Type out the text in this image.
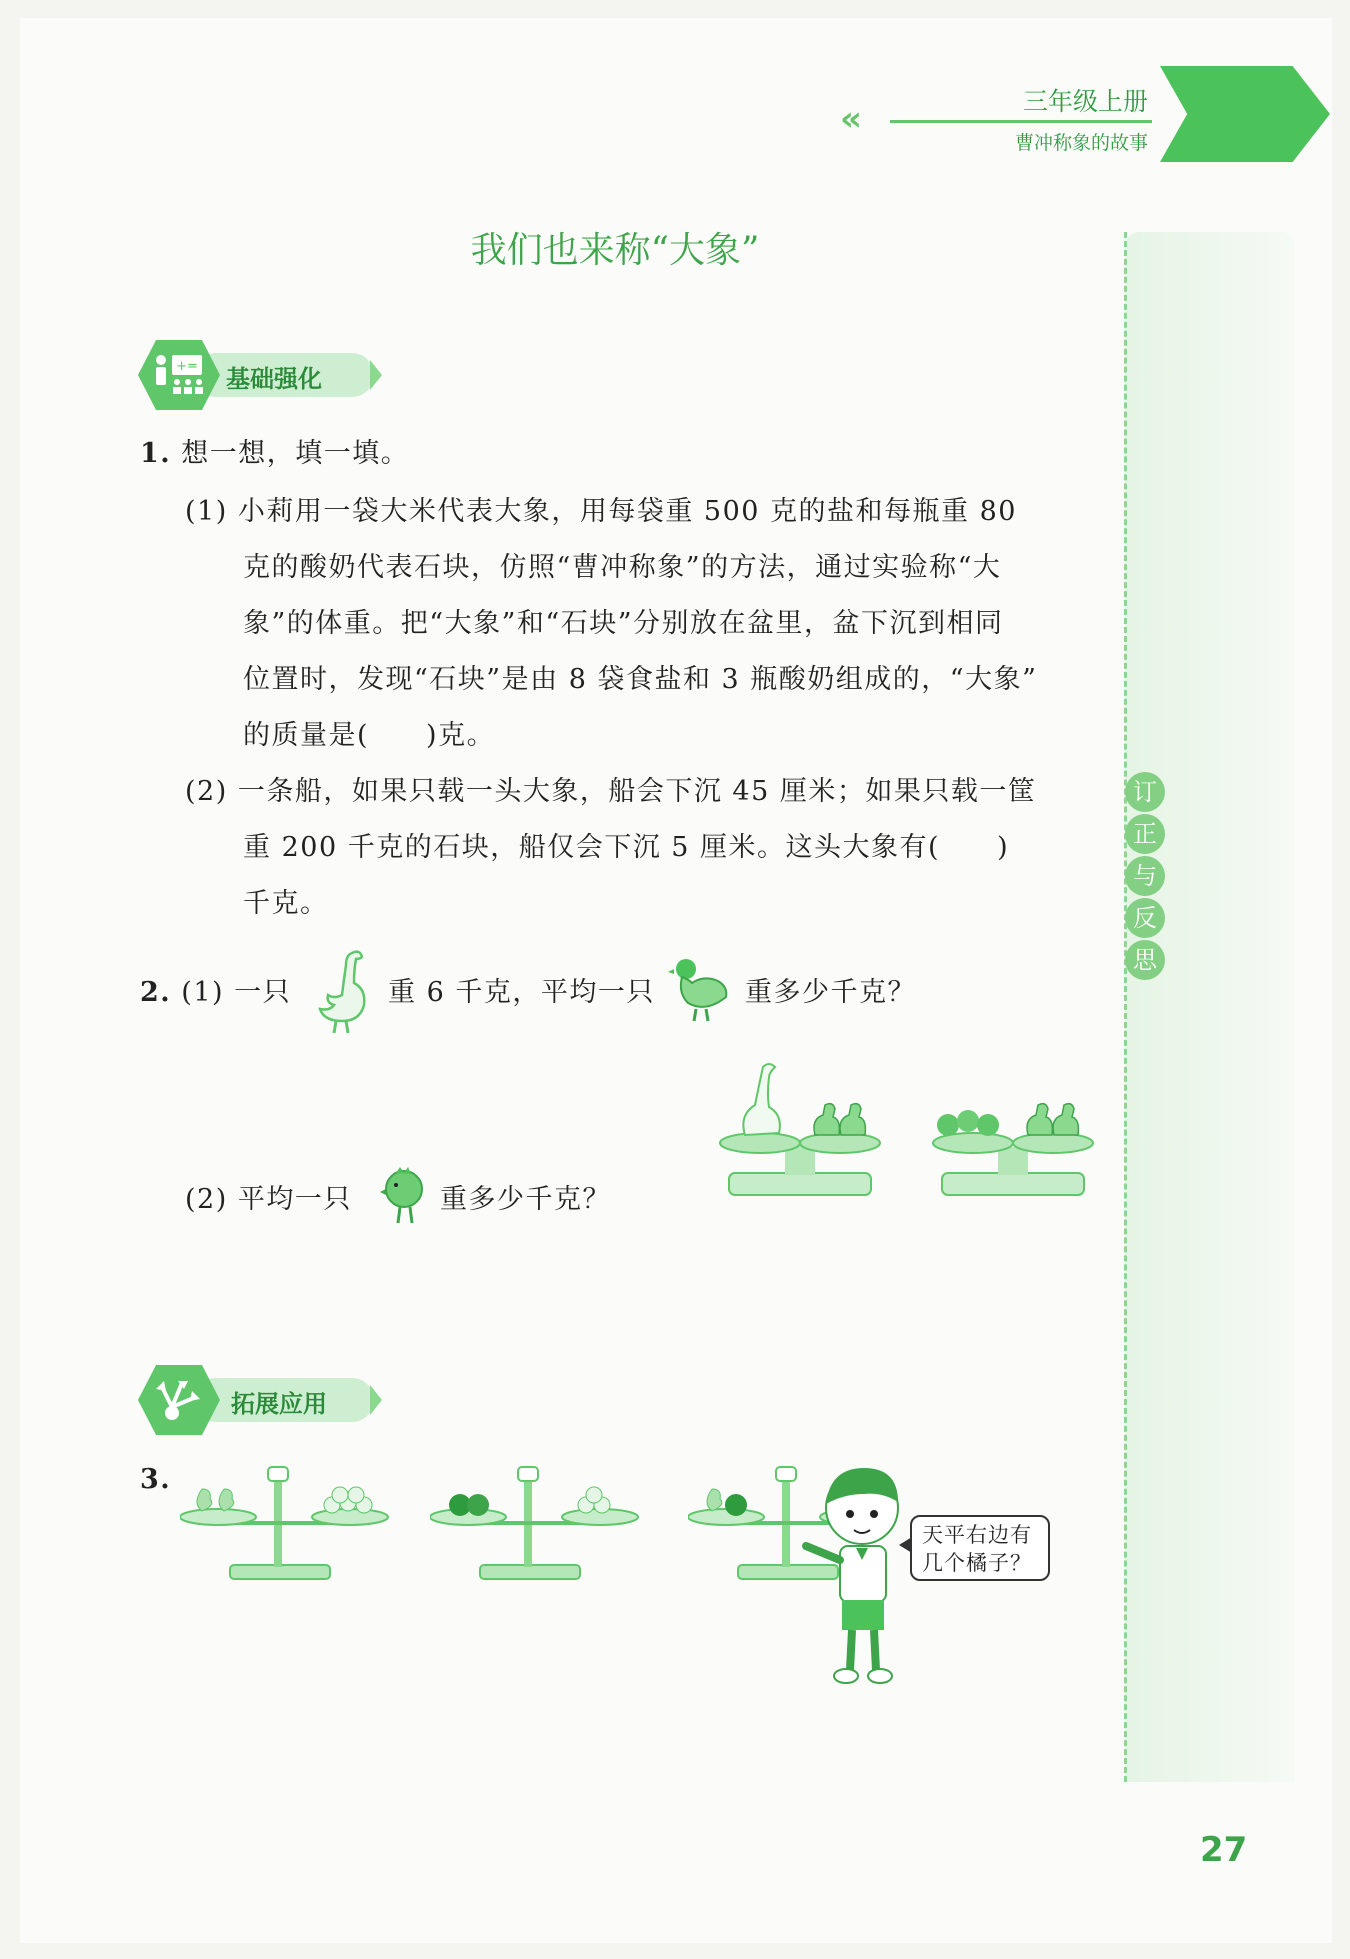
«	三年级上册
曹冲称象的故事
订
正
与
反
思
我们也来称“大象”
+= 基础强化
1. 想一想，填一填。
(1) 小莉用一袋大米代表大象，用每袋重 500 克的盐和每瓶重 80
克的酸奶代表石块，仿照“曹冲称象”的方法，通过实验称“大
象”的体重。把“大象”和“石块”分别放在盆里，盆下沉到相同
位置时，发现“石块”是由 8 袋食盐和 3 瓶酸奶组成的，“大象”
的质量是(　　)克。
(2) 一条船，如果只载一头大象，船会下沉 45 厘米；如果只载一筐
重 200 千克的石块，船仅会下沉 5 厘米。这头大象有(　　)
千克。
2. (1) 一只	重 6 千克，平均一只	重多少千克？
(2) 平均一只	重多少千克？
拓展应用
3.
天平右边有
几个橘子？
27
